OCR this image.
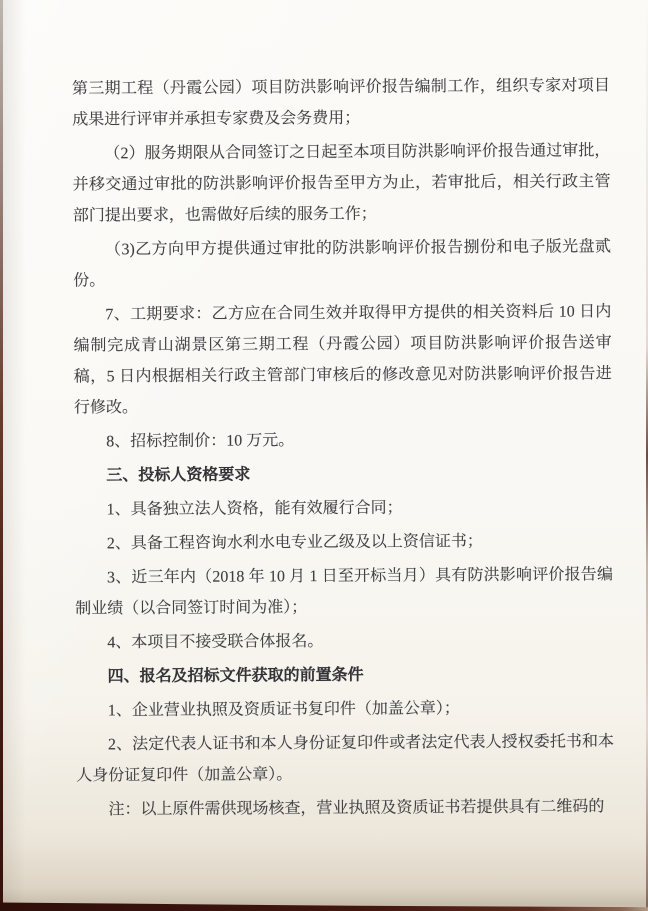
第三期工程（丹霞公园）项目防洪影响评价报告编制工作，组织专家对项目成果进行评审并承担专家费及会务费用；

（2）服务期限从合同签订之日起至本项目防洪影响评价报告通过审批，并移交通过审批的防洪影响评价报告至甲方为止，若审批后，相关行政主管部门提出要求，也需做好后续的服务工作；

（3)乙方向甲方提供通过审批的防洪影响评价报告捌份和电子版光盘贰份。

7、工期要求：乙方应在合同生效并取得甲方提供的相关资料后 10 日内编制完成青山湖景区第三期工程（丹霞公园）项目防洪影响评价报告送审稿，5 日内根据相关行政主管部门审核后的修改意见对防洪影响评价报告进行修改。

8、招标控制价：10 万元。

三、投标人资格要求

1、具备独立法人资格，能有效履行合同；

2、具备工程咨询水利水电专业乙级及以上资信证书；

3、近三年内（2018 年 10 月 1 日至开标当月）具有防洪影响评价报告编制业绩（以合同签订时间为准）；

4、本项目不接受联合体报名。

四、报名及招标文件获取的前置条件

1、企业营业执照及资质证书复印件（加盖公章）；

2、法定代表人证书和本人身份证复印件或者法定代表人授权委托书和本人身份证复印件（加盖公章）。

注：以上原件需供现场核查，营业执照及资质证书若提供具有二维码的
